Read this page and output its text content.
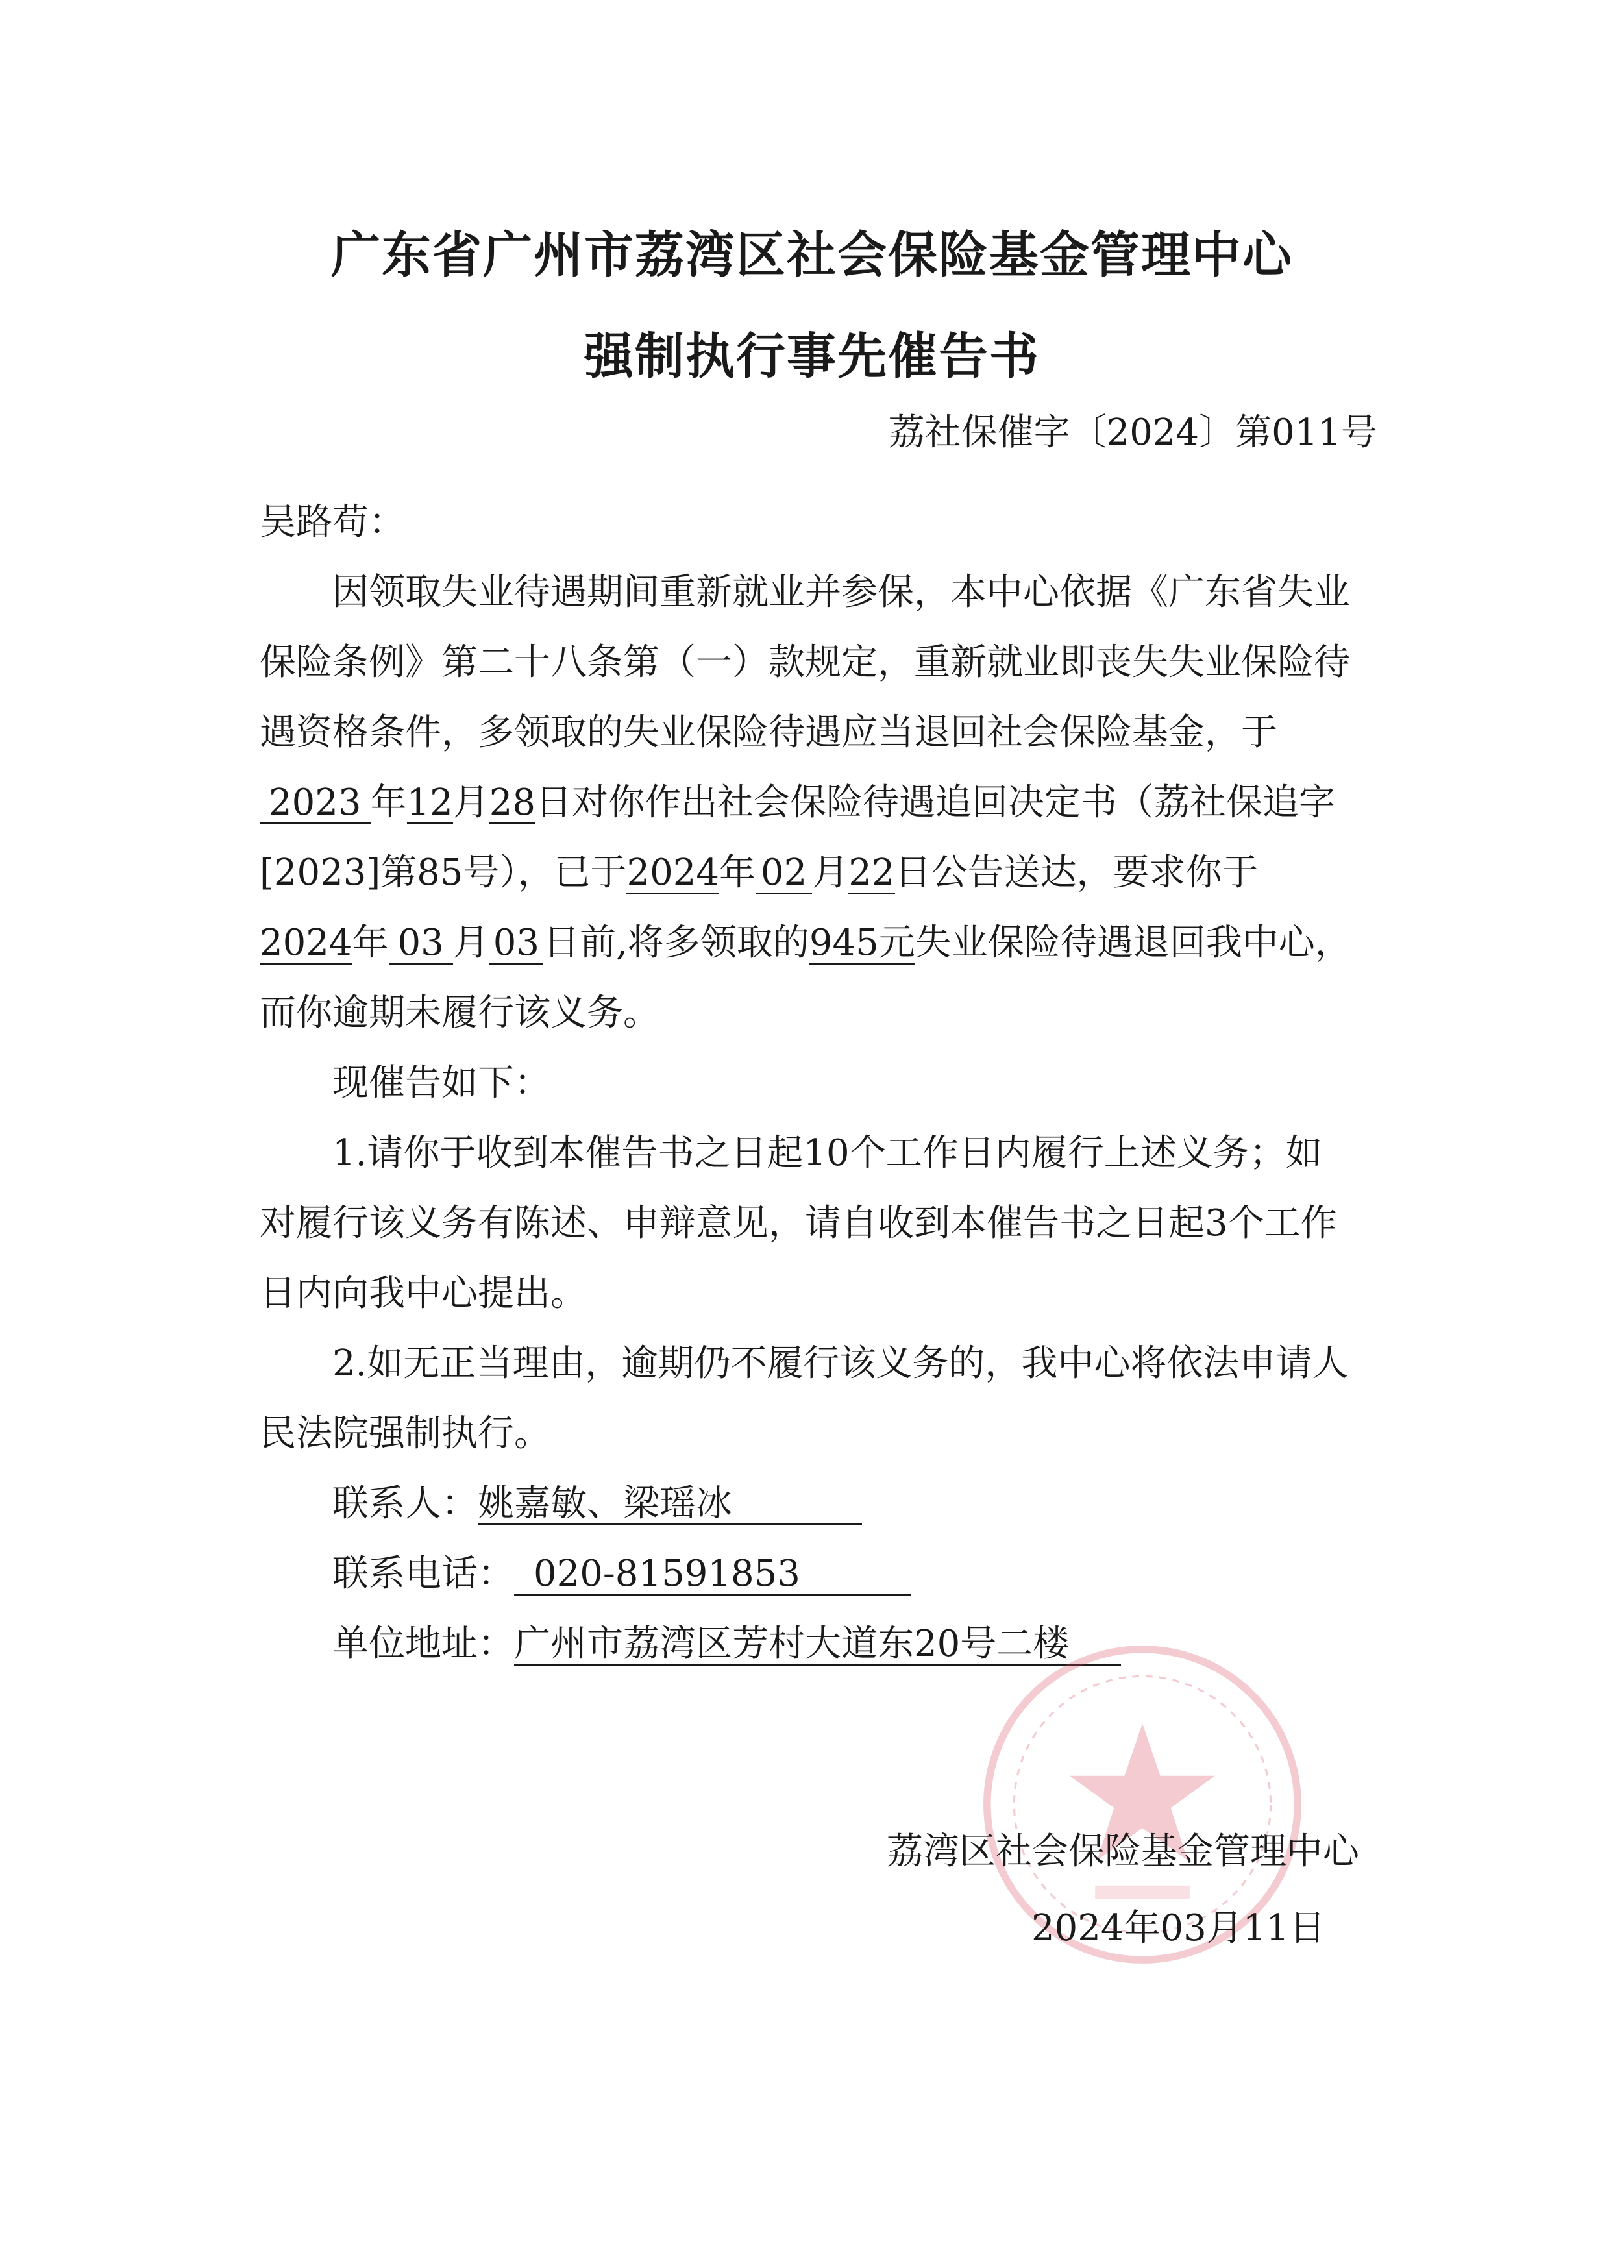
广东省广州市荔湾区社会保险基金管理中心
强制执行事先催告书
荔社保催字〔2024〕第011号
吴路苟：
因领取失业待遇期间重新就业并参保，本中心依据《广东省失业
保险条例》第二十八条第（一）款规定，重新就业即丧失失业保险待
遇资格条件，多领取的失业保险待遇应当退回社会保险基金，于
2023 年12月28日对你作出社会保险待遇追回决定书（荔社保追字
[2023]第85号），已于2024年 02 月22日公告送达，要求你于
2024年 03 月 03 日前,将多领取的945元失业保险待遇退回我中心，
而你逾期未履行该义务。
现催告如下：
1.请你于收到本催告书之日起10个工作日内履行上述义务；如
对履行该义务有陈述、申辩意见，请自收到本催告书之日起3个工作
日内向我中心提出。
2.如无正当理由，逾期仍不履行该义务的，我中心将依法申请人
民法院强制执行。
联系人：姚嘉敏、梁瑶冰
联系电话： 020-81591853
单位地址：广州市荔湾区芳村大道东20号二楼
荔湾区社会保险基金管理中心
2024年03月11日
